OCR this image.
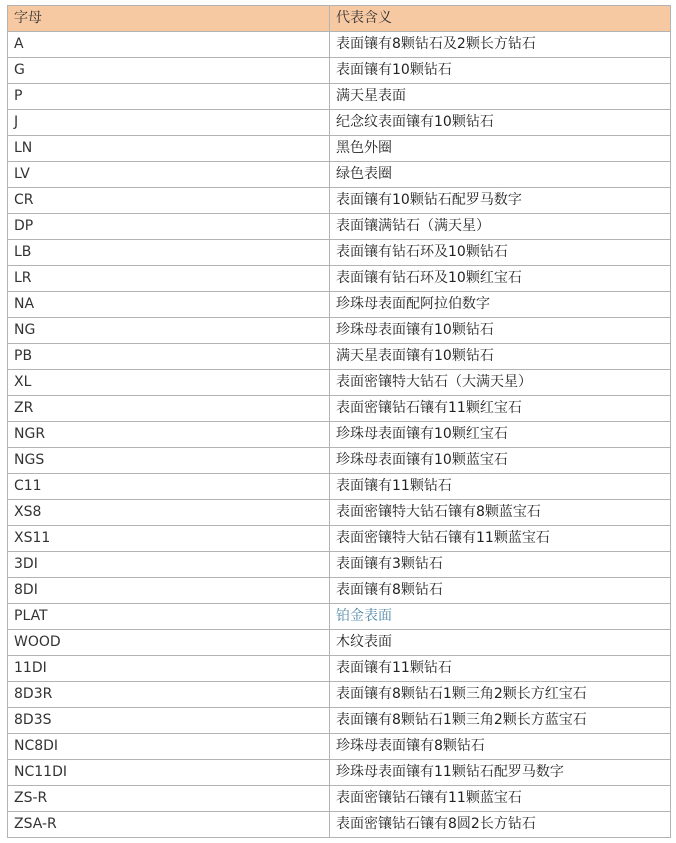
字母	代表含义
A	表面镶有8颗钻石及2颗长方钻石
G	表面镶有10颗钻石
P	满天星表面
J	纪念纹表面镶有10颗钻石
LN	黑色外圈
LV	绿色表圈
CR	表面镶有10颗钻石配罗马数字
DP	表面镶满钻石（满天星）
LB	表面镶有钻石环及10颗钻石
LR	表面镶有钻石环及10颗红宝石
NA	珍珠母表面配阿拉伯数字
NG	珍珠母表面镶有10颗钻石
PB	满天星表面镶有10颗钻石
XL	表面密镶特大钻石（大满天星）
ZR	表面密镶钻石镶有11颗红宝石
NGR	珍珠母表面镶有10颗红宝石
NGS	珍珠母表面镶有10颗蓝宝石
C11	表面镶有11颗钻石
XS8	表面密镶特大钻石镶有8颗蓝宝石
XS11	表面密镶特大钻石镶有11颗蓝宝石
3DI	表面镶有3颗钻石
8DI	表面镶有8颗钻石
PLAT	铂金表面
WOOD	木纹表面
11DI	表面镶有11颗钻石
8D3R	表面镶有8颗钻石1颗三角2颗长方红宝石
8D3S	表面镶有8颗钻石1颗三角2颗长方蓝宝石
NC8DI	珍珠母表面镶有8颗钻石
NC11DI	珍珠母表面镶有11颗钻石配罗马数字
ZS-R	表面密镶钻石镶有11颗蓝宝石
ZSA-R	表面密镶钻石镶有8圆2长方钻石
